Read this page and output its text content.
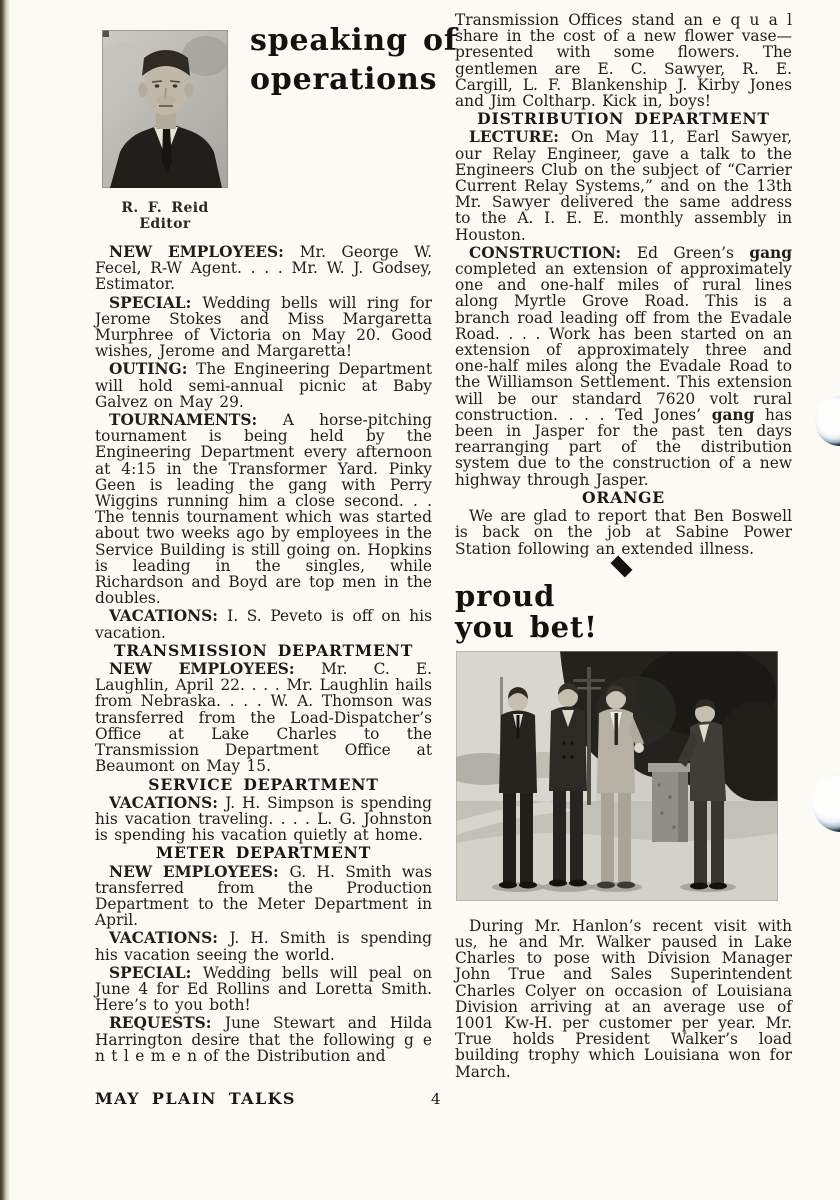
R. F. Reid
Editor
speaking of
operations

NEW EMPLOYEES: Mr. George W. Fecel, R-W Agent. . . . Mr. W. J. Godsey, Estimator.

SPECIAL: Wedding bells will ring for Jerome Stokes and Miss Margaretta Murphree of Victoria on May 20. Good wishes, Jerome and Margaretta!

OUTING: The Engineering Department will hold semi-annual picnic at Baby Galvez on May 29.

TOURNAMENTS: A horse-pitching tournament is being held by the Engineering Department every afternoon at 4:15 in the Transformer Yard. Pinky Geen is leading the gang with Perry Wiggins running him a close second. . . The tennis tournament which was started about two weeks ago by employees in the Service Building is still going on. Hopkins is leading in the singles, while Richardson and Boyd are top men in the doubles.

VACATIONS: I. S. Peveto is off on his vacation.

TRANSMISSION DEPARTMENT

NEW EMPLOYEES: Mr. C. E. Laughlin, April 22. . . . Mr. Laughlin hails from Nebraska. . . . W. A. Thomson was transferred from the Load-Dispatcher’s Office at Lake Charles to the Transmission Department Office at Beaumont on May 15.

SERVICE DEPARTMENT

VACATIONS: J. H. Simpson is spending his vacation traveling. . . . L. G. Johnston is spending his vacation quietly at home.

METER DEPARTMENT

NEW EMPLOYEES: G. H. Smith was transferred from the Production Department to the Meter Department in April.

VACATIONS: J. H. Smith is spending his vacation seeing the world.

SPECIAL: Wedding bells will peal on June 4 for Ed Rollins and Loretta Smith. Here’s to you both!

REQUESTS: June Stewart and Hilda Harrington desire that the following g e n t l e m e n of the Distribution and

Transmission Offices stand an e q u a l share in the cost of a new flower vase—presented with some flowers. The gentlemen are E. C. Sawyer, R. E. Cargill, L. F. Blankenship J. Kirby Jones and Jim Coltharp. Kick in, boys!

DISTRIBUTION DEPARTMENT

LECTURE: On May 11, Earl Sawyer, our Relay Engineer, gave a talk to the Engineers Club on the subject of “Carrier Current Relay Systems,” and on the 13th Mr. Sawyer delivered the same address to the A. I. E. E. monthly assembly in Houston.

CONSTRUCTION: Ed Green’s gang completed an extension of approximately one and one-half miles of rural lines along Myrtle Grove Road. This is a branch road leading off from the Evadale Road. . . . Work has been started on an extension of approximately three and one-half miles along the Evadale Road to the Williamson Settlement. This extension will be our standard 7620 volt rural construction. . . . Ted Jones’ gang has been in Jasper for the past ten days rearranging part of the distribution system due to the construction of a new highway through Jasper.

ORANGE

We are glad to report that Ben Boswell is back on the job at Sabine Power Station following an extended illness.

proud
you bet!

During Mr. Hanlon’s recent visit with us, he and Mr. Walker paused in Lake Charles to pose with Division Manager John True and Sales Superintendent Charles Colyer on occasion of Louisiana Division arriving at an average use of 1001 Kw-H. per customer per year. Mr. True holds President Walker’s load building trophy which Louisiana won for March.

MAY PLAIN TALKS	4
